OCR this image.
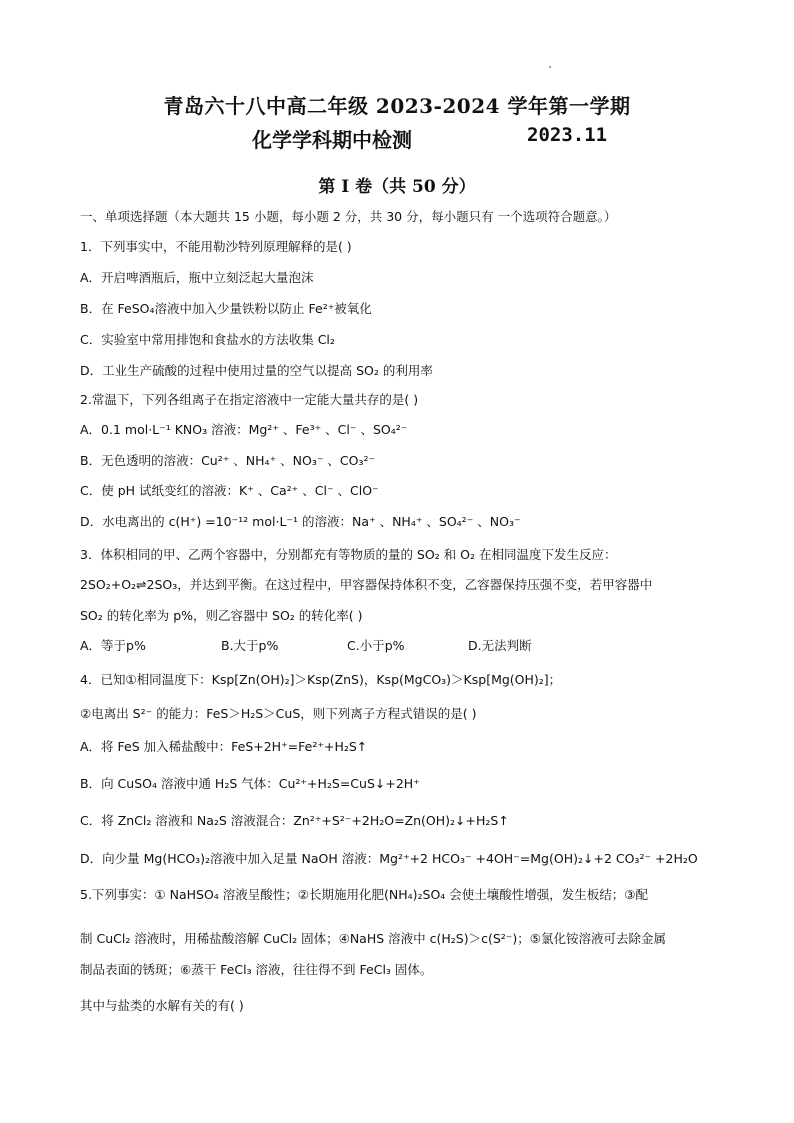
青岛六十八中高二年级 2023-2024 学年第一学期
化学学科期中检测	2023.11
第 I 卷（共 50 分）
一、单项选择题（本大题共 15 小题，每小题 2 分，共 30 分，每小题只有 一个选项符合题意。）
1．下列事实中，不能用勒沙特列原理解释的是( )
A．开启啤酒瓶后，瓶中立刻泛起大量泡沫
B．在 FeSO₄溶液中加入少量铁粉以防止 Fe²⁺被氧化
C．实验室中常用排饱和食盐水的方法收集 Cl₂
D．工业生产硫酸的过程中使用过量的空气以提高 SO₂ 的利用率
2.常温下，下列各组离子在指定溶液中一定能大量共存的是( )
A．0.1 mol·L⁻¹ KNO₃ 溶液：Mg²⁺ 、Fe³⁺ 、Cl⁻ 、SO₄²⁻
B．无色透明的溶液：Cu²⁺ 、NH₄⁺ 、NO₃⁻ 、CO₃²⁻
C．使 pH 试纸变红的溶液：K⁺ 、Ca²⁺ 、Cl⁻ 、ClO⁻
D．水电离出的 c(H⁺) =10⁻¹² mol·L⁻¹ 的溶液：Na⁺ 、NH₄⁺ 、SO₄²⁻ 、NO₃⁻
3．体积相同的甲、乙两个容器中，分别都充有等物质的量的 SO₂ 和 O₂ 在相同温度下发生反应：
2SO₂+O₂⇌2SO₃，并达到平衡。在这过程中，甲容器保持体积不变，乙容器保持压强不变，若甲容器中
SO₂ 的转化率为 p%，则乙容器中 SO₂ 的转化率( )
A．等于p%	B.大于p%	C.小于p%	D.无法判断
4．已知①相同温度下：Ksp[Zn(OH)₂]＞Ksp(ZnS)，Ksp(MgCO₃)＞Ksp[Mg(OH)₂]；
②电离出 S²⁻ 的能力：FeS＞H₂S＞CuS，则下列离子方程式错误的是( )
A．将 FeS 加入稀盐酸中：FeS+2H⁺=Fe²⁺+H₂S↑
B．向 CuSO₄ 溶液中通 H₂S 气体：Cu²⁺+H₂S=CuS↓+2H⁺
C．将 ZnCl₂ 溶液和 Na₂S 溶液混合：Zn²⁺+S²⁻+2H₂O=Zn(OH)₂↓+H₂S↑
D．向少量 Mg(HCO₃)₂溶液中加入足量 NaOH 溶液：Mg²⁺+2 HCO₃⁻ +4OH⁻=Mg(OH)₂↓+2 CO₃²⁻ +2H₂O
5.下列事实：① NaHSO₄ 溶液呈酸性；②长期施用化肥(NH₄)₂SO₄ 会使土壤酸性增强，发生板结；③配
制 CuCl₂ 溶液时，用稀盐酸溶解 CuCl₂ 固体；④NaHS 溶液中 c(H₂S)＞c(S²⁻)；⑤氯化铵溶液可去除金属
制品表面的锈斑；⑥蒸干 FeCl₃ 溶液，往往得不到 FeCl₃ 固体。
其中与盐类的水解有关的有( )
